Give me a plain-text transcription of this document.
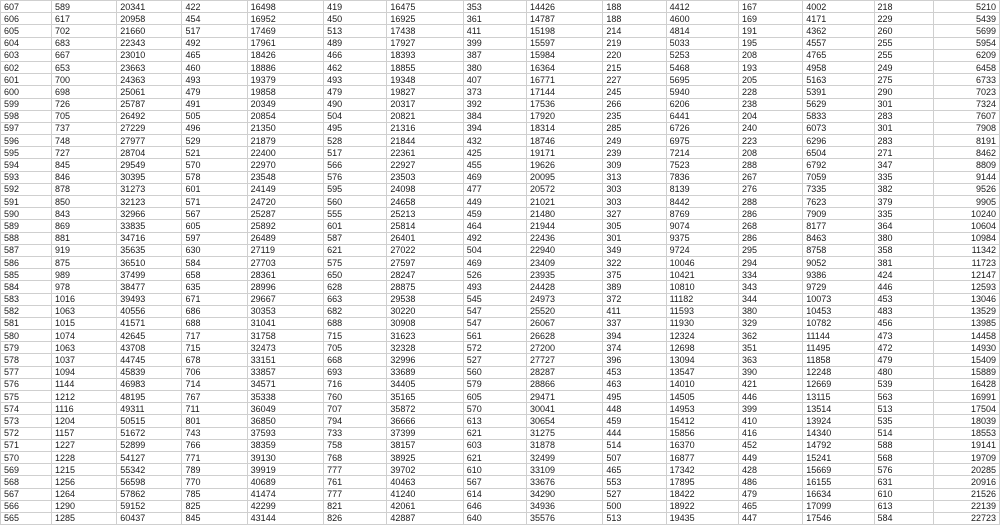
607	589	20341	422	16498	419	16475	353	14426	188	4412	167	4002	218	5210
606	617	20958	454	16952	450	16925	361	14787	188	4600	169	4171	229	5439
605	702	21660	517	17469	513	17438	411	15198	214	4814	191	4362	260	5699
604	683	22343	492	17961	489	17927	399	15597	219	5033	195	4557	255	5954
603	667	23010	465	18426	466	18393	387	15984	220	5253	208	4765	255	6209
602	653	23663	460	18886	462	18855	380	16364	215	5468	193	4958	249	6458
601	700	24363	493	19379	493	19348	407	16771	227	5695	205	5163	275	6733
600	698	25061	479	19858	479	19827	373	17144	245	5940	228	5391	290	7023
599	726	25787	491	20349	490	20317	392	17536	266	6206	238	5629	301	7324
598	705	26492	505	20854	504	20821	384	17920	235	6441	204	5833	283	7607
597	737	27229	496	21350	495	21316	394	18314	285	6726	240	6073	301	7908
596	748	27977	529	21879	528	21844	432	18746	249	6975	223	6296	283	8191
595	727	28704	521	22400	517	22361	425	19171	239	7214	208	6504	271	8462
594	845	29549	570	22970	566	22927	455	19626	309	7523	288	6792	347	8809
593	846	30395	578	23548	576	23503	469	20095	313	7836	267	7059	335	9144
592	878	31273	601	24149	595	24098	477	20572	303	8139	276	7335	382	9526
591	850	32123	571	24720	560	24658	449	21021	303	8442	288	7623	379	9905
590	843	32966	567	25287	555	25213	459	21480	327	8769	286	7909	335	10240
589	869	33835	605	25892	601	25814	464	21944	305	9074	268	8177	364	10604
588	881	34716	597	26489	587	26401	492	22436	301	9375	286	8463	380	10984
587	919	35635	630	27119	621	27022	504	22940	349	9724	295	8758	358	11342
586	875	36510	584	27703	575	27597	469	23409	322	10046	294	9052	381	11723
585	989	37499	658	28361	650	28247	526	23935	375	10421	334	9386	424	12147
584	978	38477	635	28996	628	28875	493	24428	389	10810	343	9729	446	12593
583	1016	39493	671	29667	663	29538	545	24973	372	11182	344	10073	453	13046
582	1063	40556	686	30353	682	30220	547	25520	411	11593	380	10453	483	13529
581	1015	41571	688	31041	688	30908	547	26067	337	11930	329	10782	456	13985
580	1074	42645	717	31758	715	31623	561	26628	394	12324	362	11144	473	14458
579	1063	43708	715	32473	705	32328	572	27200	374	12698	351	11495	472	14930
578	1037	44745	678	33151	668	32996	527	27727	396	13094	363	11858	479	15409
577	1094	45839	706	33857	693	33689	560	28287	453	13547	390	12248	480	15889
576	1144	46983	714	34571	716	34405	579	28866	463	14010	421	12669	539	16428
575	1212	48195	767	35338	760	35165	605	29471	495	14505	446	13115	563	16991
574	1116	49311	711	36049	707	35872	570	30041	448	14953	399	13514	513	17504
573	1204	50515	801	36850	794	36666	613	30654	459	15412	410	13924	535	18039
572	1157	51672	743	37593	733	37399	621	31275	444	15856	416	14340	514	18553
571	1227	52899	766	38359	758	38157	603	31878	514	16370	452	14792	588	19141
570	1228	54127	771	39130	768	38925	621	32499	507	16877	449	15241	568	19709
569	1215	55342	789	39919	777	39702	610	33109	465	17342	428	15669	576	20285
568	1256	56598	770	40689	761	40463	567	33676	553	17895	486	16155	631	20916
567	1264	57862	785	41474	777	41240	614	34290	527	18422	479	16634	610	21526
566	1290	59152	825	42299	821	42061	646	34936	500	18922	465	17099	613	22139
565	1285	60437	845	43144	826	42887	640	35576	513	19435	447	17546	584	22723
